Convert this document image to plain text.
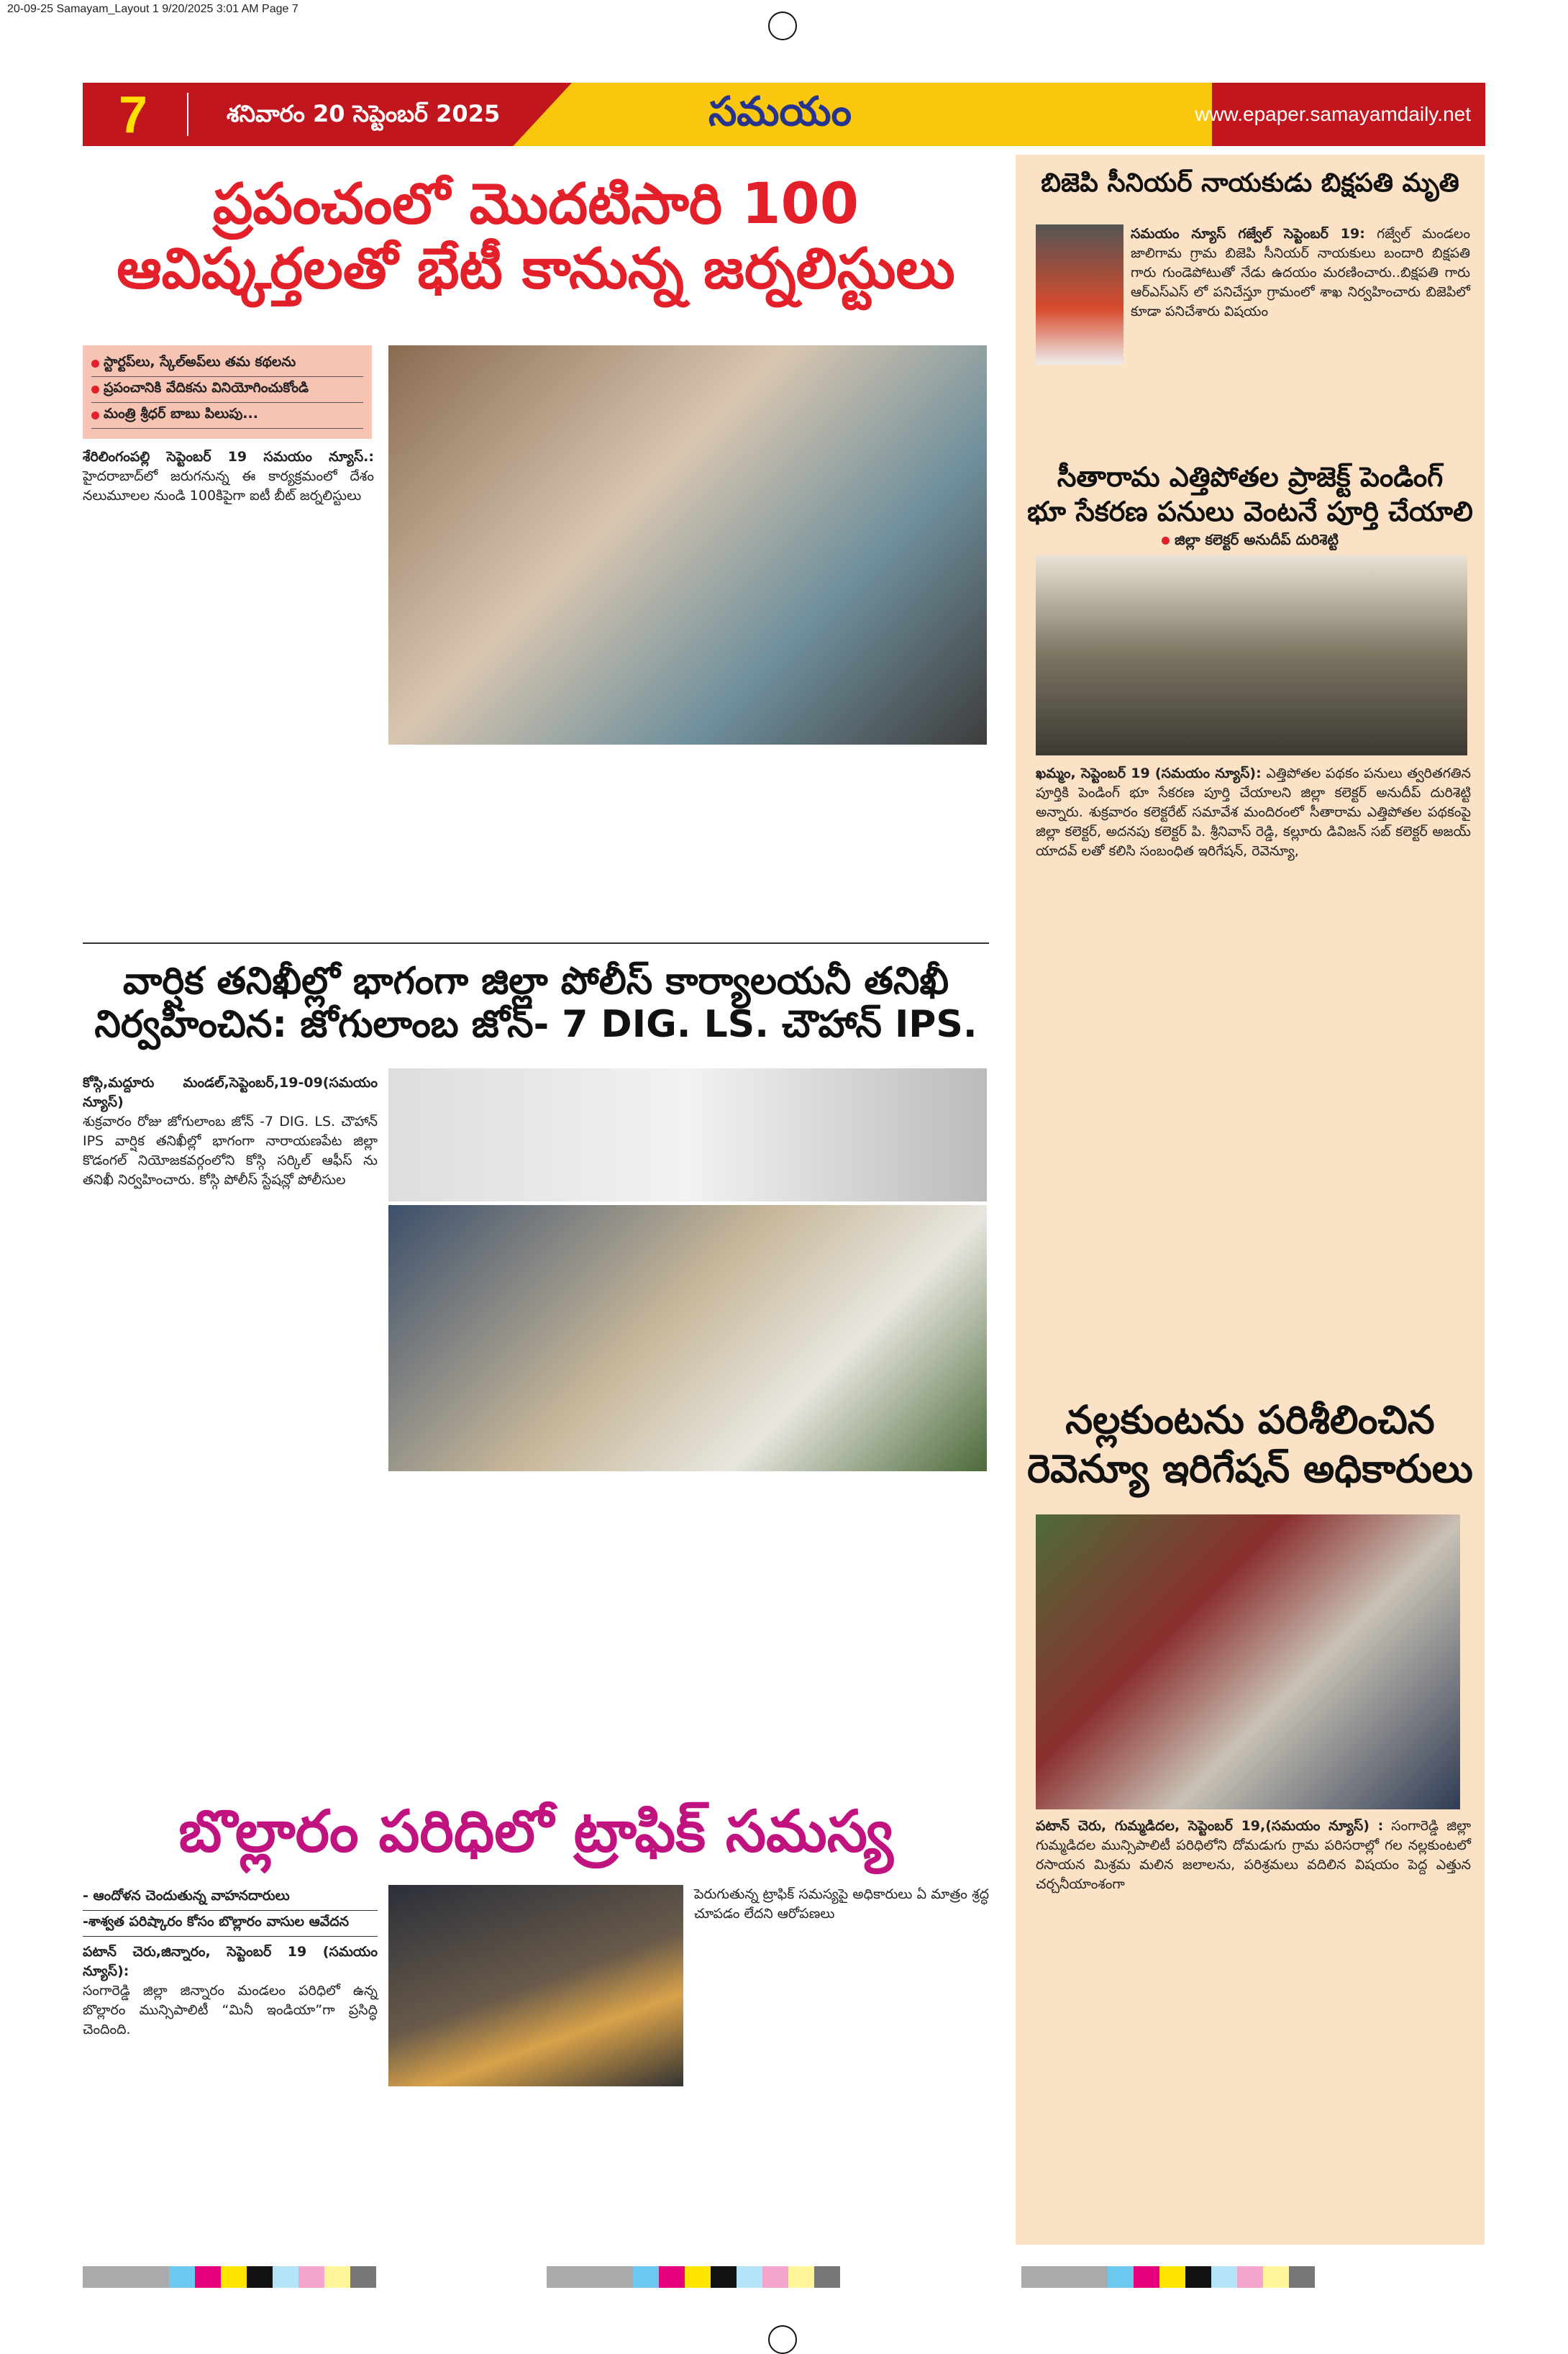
20-09-25 Samayam_Layout 1 9/20/2025 3:01 AM Page 7
7	శనివారం 20 సెప్టెంబర్ 2025	సమయం	www.epaper.samayamdaily.net
ప్రపంచంలో మొదటిసారి 100
ఆవిష్కర్తలతో భేటీ కానున్న జర్నలిస్టులు
స్టార్టప్‌లు, స్కేల్‌అప్‌లు తమ కథలను
ప్రపంచానికి వేదికను వినియోగించుకోండి
మంత్రి శ్రీధర్ బాబు పిలుపు...
శేరిలింగంపల్లి సెప్టెంబర్ 19 సమయం న్యూస్.: హైదరాబాద్‌లో జరుగనున్న ఈ కార్యక్రమంలో దేశం నలుమూలల నుండి 100కిపైగా ఐటీ బీట్ జర్నలిస్టులు
వార్షిక తనిఖీల్లో భాగంగా జిల్లా పోలీస్ కార్యాలయనీ తనిఖీ
నిర్వహించిన: జోగులాంబ జోన్- 7 DIG. LS. చౌహాన్ IPS.
కోస్గి,మద్దూరు మండల్,సెప్టెంబర్,19-09(సమయం న్యూస్)
శుక్రవారం రోజు జోగులాంబ జోన్ -7 DIG. LS. చౌహాన్ IPS వార్షిక తనిఖీల్లో భాగంగా నారాయణపేట జిల్లా కొడంగల్ నియోజకవర్గంలోని కోస్గి సర్కిల్ ఆఫీస్ ను తనిఖీ నిర్వహించారు. కోస్గి పోలీస్ స్టేషన్లో పోలీసుల
బొల్లారం పరిధిలో ట్రాఫిక్ సమస్య
- ఆందోళన చెందుతున్న వాహనదారులు
-శాశ్వత పరిష్కారం కోసం బొల్లారం వాసుల ఆవేదన
పటాన్ చెరు,జిన్నారం, సెప్టెంబర్ 19 (సమయం న్యూస్):
సంగారెడ్డి జిల్లా జిన్నారం మండలం పరిధిలో ఉన్న బొల్లారం మున్సిపాలిటీ “మినీ ఇండియా”గా ప్రసిద్ధి చెందింది.
పెరుగుతున్న ట్రాఫిక్ సమస్యపై అధికారులు ఏ మాత్రం శ్రద్ధ చూపడం లేదని ఆరోపణలు
బిజెపి సీనియర్ నాయకుడు బిక్షపతి మృతి
సమయం న్యూస్ గజ్వేల్ సెప్టెంబర్ 19: గజ్వేల్ మండలం జాలిగామ గ్రామ బిజెపి సీనియర్ నాయకులు బందారి బిక్షపతి గారు గుండెపోటుతో నేడు ఉదయం మరణించారు..బిక్షపతి గారు ఆర్ఎస్ఎస్ లో పనిచేస్తూ గ్రామంలో శాఖ నిర్వహించారు బిజెపిలో కూడా పనిచేశారు విషయం
సీతారామ ఎత్తిపోతల ప్రాజెక్ట్ పెండింగ్
భూ సేకరణ పనులు వెంటనే పూర్తి చేయాలి
జిల్లా కలెక్టర్ అనుదీప్ దురిశెట్టి
ఖమ్మం, సెప్టెంబర్ 19 (సమయం న్యూస్): ఎత్తిపోతల పథకం పనులు త్వరితగతిన పూర్తికి పెండింగ్ భూ సేకరణ పూర్తి చేయాలని జిల్లా కలెక్టర్ అనుదీప్ దురిశెట్టి అన్నారు. శుక్రవారం కలెక్టరేట్ సమావేశ మందిరంలో సీతారామ ఎత్తిపోతల పథకంపై జిల్లా కలెక్టర్, అదనపు కలెక్టర్ పి. శ్రీనివాస్ రెడ్డి, కల్లూరు డివిజన్ సబ్ కలెక్టర్ అజయ్ యాదవ్ లతో కలిసి సంబంధిత ఇరిగేషన్, రెవెన్యూ,
నల్లకుంటను పరిశీలించిన
రెవెన్యూ ఇరిగేషన్ అధికారులు
పటాన్ చెరు, గుమ్మడిదల, సెప్టెంబర్ 19,(సమయం న్యూస్) : సంగారెడ్డి జిల్లా గుమ్మడిదల మున్సిపాలిటీ పరిధిలోని దోమడుగు గ్రామ పరిసరాల్లో గల నల్లకుంటలో రసాయన మిశ్రమ మలిన జలాలను, పరిశ్రమలు వదిలిన విషయం పెద్ద ఎత్తున చర్చనీయాంశంగా
